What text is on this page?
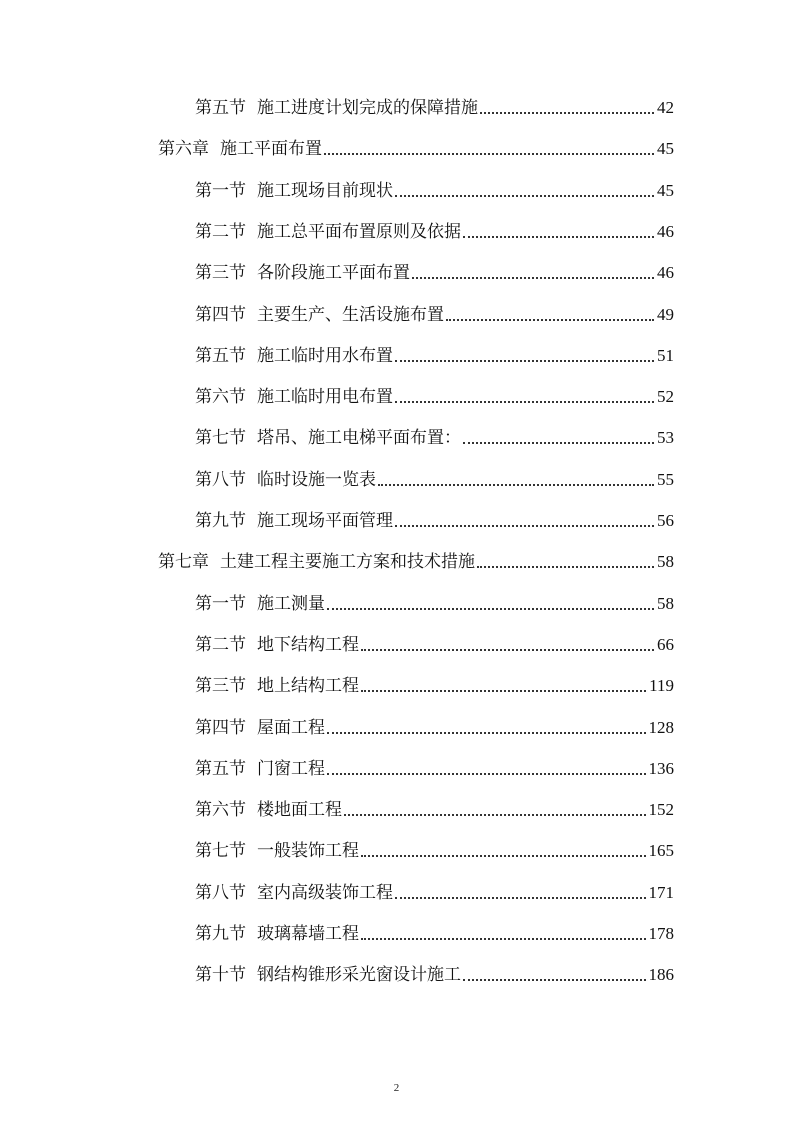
第五节 施工进度计划完成的保障措施	42
第六章 施工平面布置	45
第一节 施工现场目前现状	45
第二节 施工总平面布置原则及依据	46
第三节 各阶段施工平面布置	46
第四节 主要生产、生活设施布置	49
第五节 施工临时用水布置	51
第六节 施工临时用电布置	52
第七节 塔吊、施工电梯平面布置：	53
第八节 临时设施一览表	55
第九节 施工现场平面管理	56
第七章 土建工程主要施工方案和技术措施	58
第一节 施工测量	58
第二节 地下结构工程	66
第三节 地上结构工程	119
第四节 屋面工程	128
第五节 门窗工程	136
第六节 楼地面工程	152
第七节 一般装饰工程	165
第八节 室内高级装饰工程	171
第九节 玻璃幕墙工程	178
第十节 钢结构锥形采光窗设计施工	186
2
